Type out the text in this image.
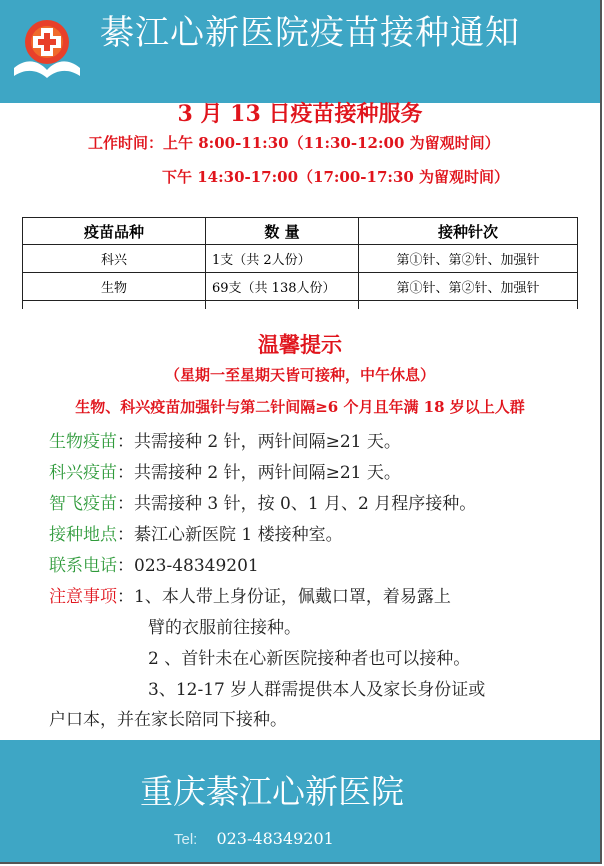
綦江心新医院疫苗接种通知
3 月 13 日疫苗接种服务
工作时间：上午 8:00-11:30（11:30-12:00 为留观时间）
下午 14:30-17:00（17:00-17:30 为留观时间）
疫苗品种	数 量	接种针次
科兴	1支（共 2人份）	第①针、第②针、加强针
生物	69支（共 138人份）	第①针、第②针、加强针

温馨提示
（星期一至星期天皆可接种，中午休息）
生物、科兴疫苗加强针与第二针间隔≥6 个月且年满 18 岁以上人群
生物疫苗：共需接种 2 针，两针间隔≥21 天。
科兴疫苗：共需接种 2 针，两针间隔≥21 天。
智飞疫苗：共需接种 3 针，按 0、1 月、2 月程序接种。
接种地点：綦江心新医院 1 楼接种室。
联系电话：023-48349201
注意事项：1、本人带上身份证，佩戴口罩，着易露上
臂的衣服前往接种。
2 、首针未在心新医院接种者也可以接种。
3、12-17 岁人群需提供本人及家长身份证或
户口本，并在家长陪同下接种。
重庆綦江心新医院
Tel: 023-48349201
